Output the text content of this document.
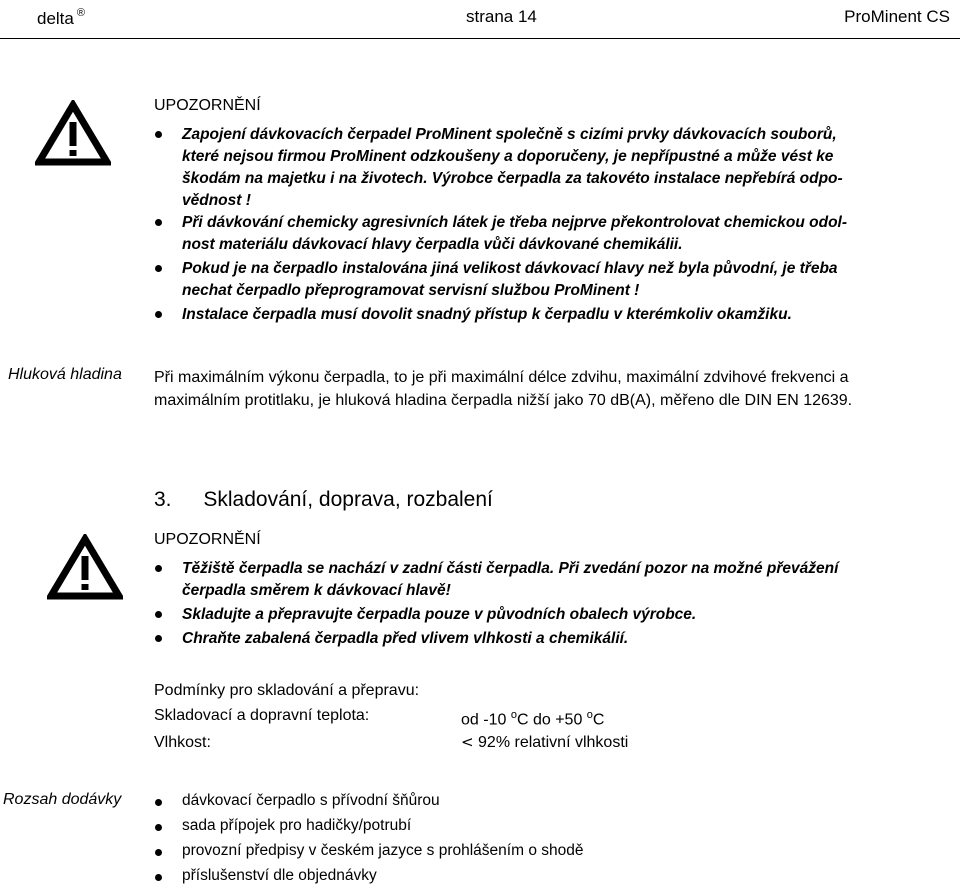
delta ®	strana 14	ProMinent CS
UPOZORNĚNÍ
Zapojení dávkovacích čerpadel ProMinent společně s cizími prvky dávkovacích souborů,
které nejsou firmou ProMinent odzkoušeny a doporučeny, je nepřípustné a může vést ke
škodám na majetku i na životech. Výrobce čerpadla za takovéto instalace nepřebírá odpo-
vědnost !
Při dávkování chemicky agresivních látek je třeba nejprve překontrolovat chemickou odol-
nost materiálu dávkovací hlavy čerpadla vůči dávkované chemikálii.
Pokud je na čerpadlo instalována jiná velikost dávkovací hlavy než byla původní, je třeba
nechat čerpadlo přeprogramovat servisní službou ProMinent !
Instalace čerpadla musí dovolit snadný přístup k čerpadlu v kterémkoliv okamžiku.
Hluková hladina Při maximálním výkonu čerpadla, to je při maximální délce zdvihu, maximální zdvihové frekvenci a
maximálním protitlaku, je hluková hladina čerpadla nižší jako 70 dB(A), měřeno dle DIN EN 12639.
3. Skladování, doprava, rozbalení
UPOZORNĚNÍ
Těžiště čerpadla se nachází v zadní části čerpadla. Při zvedání pozor na možné převážení
čerpadla směrem k dávkovací hlavě!
Skladujte a přepravujte čerpadla pouze v původních obalech výrobce.
Chraňte zabalená čerpadla před vlivem vlhkosti a chemikálií.
Podmínky pro skladování a přepravu:
Skladovací a dopravní teplota:	od -10 $^o$C do +50 $^o$C
Vlhkost:	< 92% relativní vlhkosti
Rozsah dodávky	dávkovací čerpadlo s přívodní šňůrou
sada přípojek pro hadičky/potrubí
provozní předpisy v českém jazyce s prohlášením o shodě
příslušenství dle objednávky
